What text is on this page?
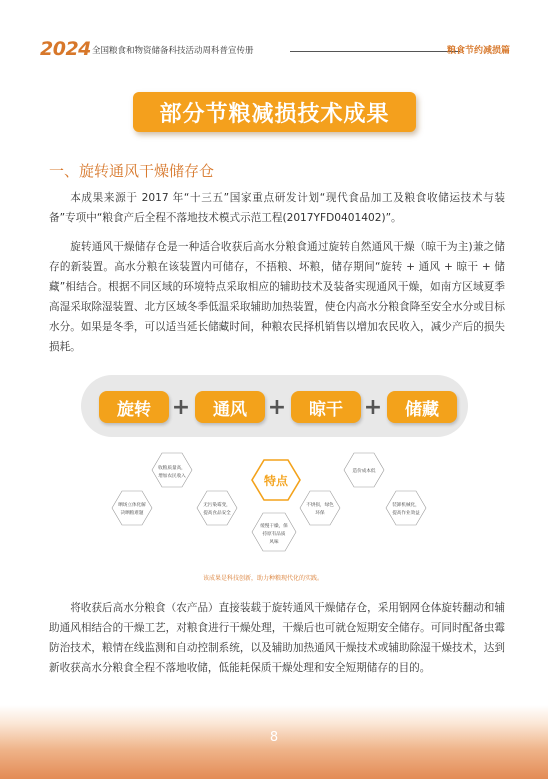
2024 全国粮食和物资储备科技活动周科普宣传册	粮食节约减损篇
部分节粮减损技术成果
一、旋转通风干燥储存仓

本成果来源于 2017 年“十三五”国家重点研发计划“现代食品加工及粮食收储运技术与装备”专项中“粮食产后全程不落地技术模式示范工程(2017YFD0401402)”。

旋转通风干燥储存仓是一种适合收获后高水分粮食通过旋转自然通风干燥（晾干为主)兼之储存的新装置。高水分粮在该装置内可储存，不捂粮、坏粮，储存期间“旋转 + 通风 + 晾干 + 储藏”相结合。根据不同区域的环境特点采取相应的辅助技术及装备实现通风干燥，如南方区域夏季高湿采取除湿装置、北方区域冬季低温采取辅助加热装置，使仓内高水分粮食降至安全水分或目标水分。如果是冬季，可以适当延长储藏时间，种粮农民择机销售以增加农民收入，减少产后的损失损耗。

旋转 +	通风 +	晾干 +	储藏
收粮质量高，
增加农民收入
晒场立体化解
决晒粮难题
无污染霉变，
提高食品安全
特点
缓慢干燥，保
持原有品质
风味
不烘损，绿色
环保
造价成本低
装卸机械化，
提高作业效益
该成果是科技创新，助力种粮现代化的实践。

将收获后高水分粮食（农产品）直接装载于旋转通风干燥储存仓，采用钢网仓体旋转翻动和辅助通风相结合的干燥工艺，对粮食进行干燥处理，干燥后也可就仓短期安全储存。可同时配备虫霉防治技术，粮情在线监测和自动控制系统，以及辅助加热通风干燥技术或辅助除湿干燥技术，达到新收获高水分粮食全程不落地收储，低能耗保质干燥处理和安全短期储存的目的。

8
